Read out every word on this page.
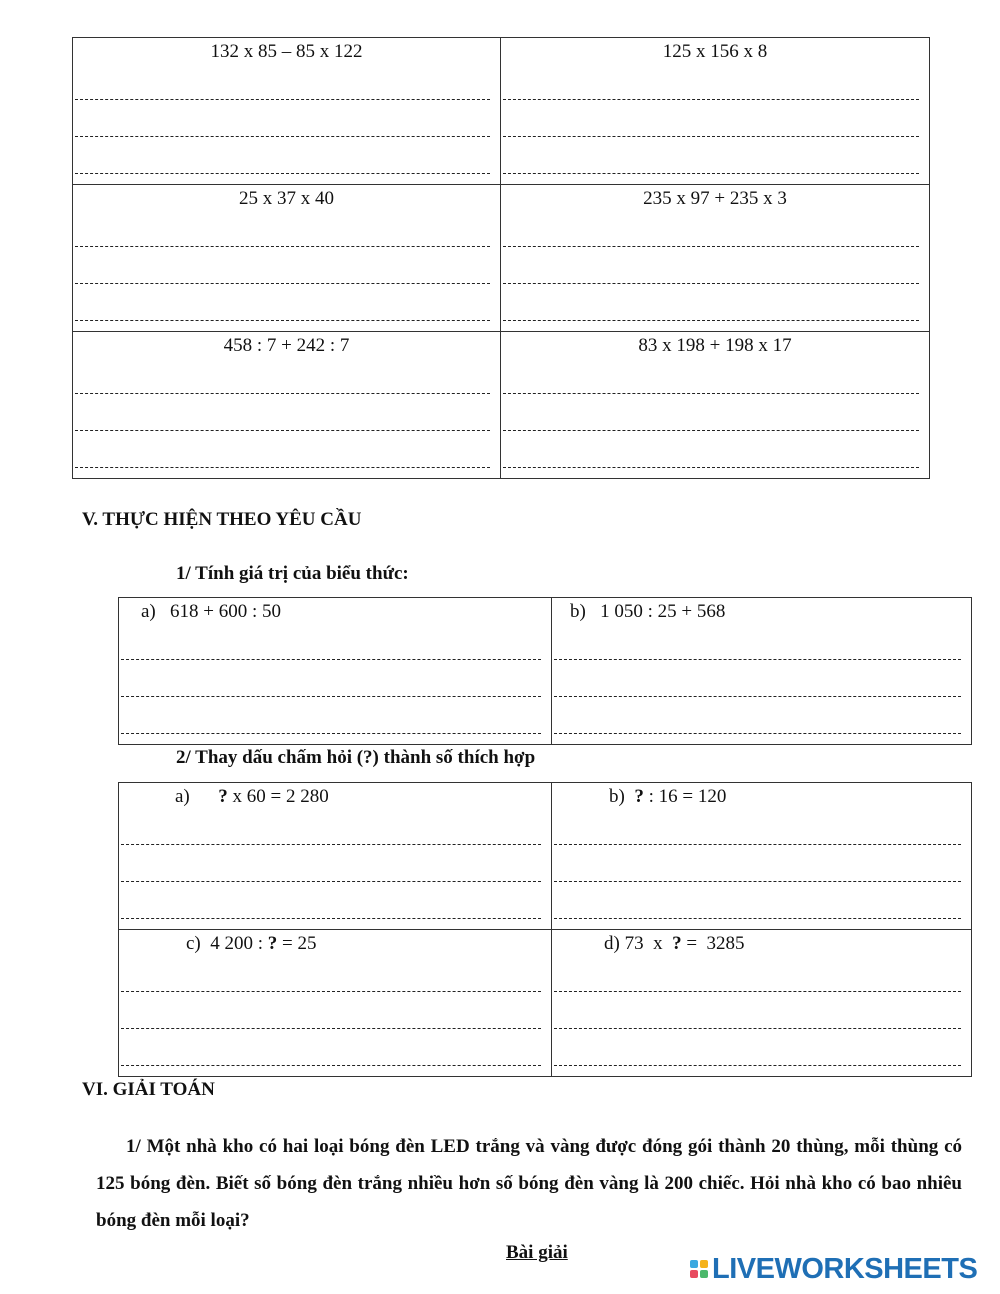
132 x 85 – 85 x 122	125 x 156 x 8

25 x 37 x 40	235 x 97 + 235 x 3

458 : 7 + 242 : 7	83 x 198 + 198 x 17
V. THỰC HIỆN THEO YÊU CẦU
1/ Tính giá trị của biểu thức:
a)   618 + 600 : 50	b)   1 050 : 25 + 568
2/ Thay dấu chấm hỏi (?) thành số thích hợp
a)      ? x 60 = 2 280	b)  ? : 16 = 120

c)  4 200 : ? = 25	d) 73  x  ? =  3285
VI. GIẢI TOÁN
1/ Một nhà kho có hai loại bóng đèn LED trắng và vàng được đóng gói thành 20 thùng, mỗi thùng có 125 bóng đèn. Biết số bóng đèn trắng nhiều hơn số bóng đèn vàng là 200 chiếc. Hỏi nhà kho có bao nhiêu bóng đèn mỗi loại?
Bài giải	LIVEWORKSHEETS
